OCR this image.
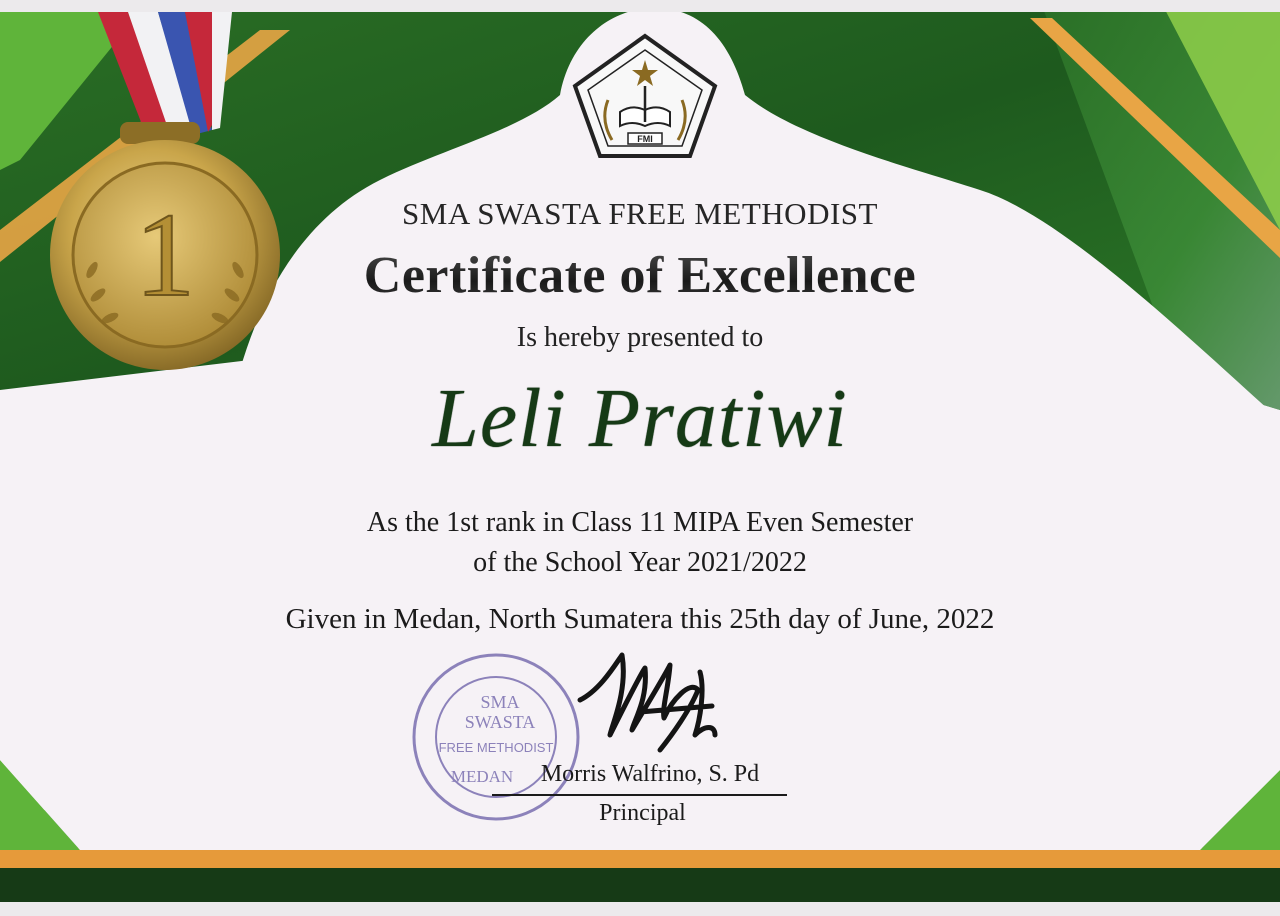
FMI
SMA
SWASTA
FREE METHODIST
MEDAN
SMA SWASTA FREE METHODIST
Certificate of Excellence
Is hereby presented to
Leli Pratiwi
As the 1st rank in Class 11 MIPA Even Semester
of the School Year 2021/2022
Given in Medan, North Sumatera this 25th day of June, 2022
Morris Walfrino, S. Pd
Principal
